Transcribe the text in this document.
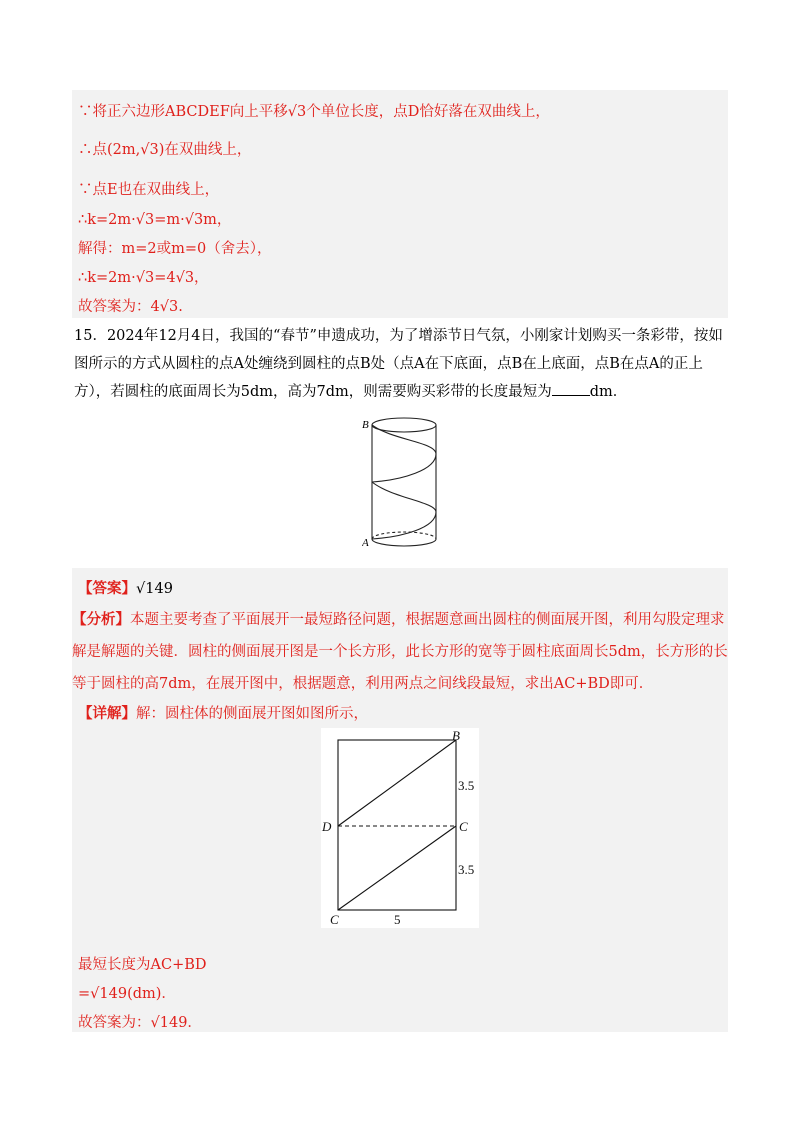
∵将正六边形ABCDEF向上平移√3个单位长度，点D恰好落在双曲线上，
∴点(2m,√3)在双曲线上，
∵点E也在双曲线上，
∴k=2m·√3=m·√3m，
解得：m=2或m=0（舍去），
∴k=2m·√3=4√3，
故答案为：4√3.
15．2024年12月4日，我国的“春节”申遗成功，为了增添节日气氛，小刚家计划购买一条彩带，按如图所示的方式从圆柱的点A处缠绕到圆柱的点B处（点A在下底面，点B在上底面，点B在点A的正上方），若圆柱的底面周长为5dm，高为7dm，则需要购买彩带的长度最短为	dm．
B
A
【答案】√149
【分析】本题主要考查了平面展开一最短路径问题，根据题意画出圆柱的侧面展开图，利用勾股定理求解是解题的关键．圆柱的侧面展开图是一个长方形，此长方形的宽等于圆柱底面周长5dm，长方形的长等于圆柱的高7dm，在展开图中，根据题意，利用两点之间线段最短，求出AC+BD即可．
【详解】解：圆柱体的侧面展开图如图所示，
B
D	C
C
3.5
3.5
5
最短长度为AC+BD
=√149(dm)．
故答案为：√149．
